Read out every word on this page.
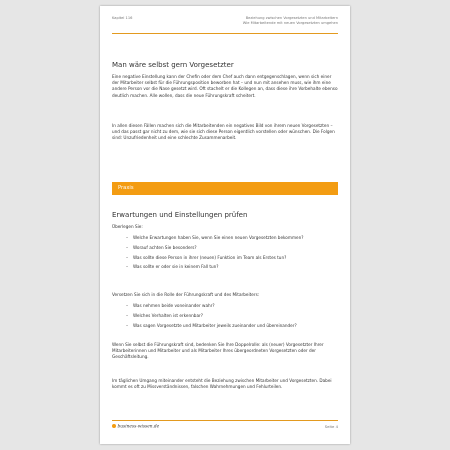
Kapitel 116	Beziehung zwischen Vorgesetzten und Mitarbeitern
Wie Mitarbeitende mit neuen Vorgesetzten umgehen
Man wäre selbst gern Vorgesetzter

Eine negative Einstellung kann der Chefin oder dem Chef auch dann entgegenschlagen, wenn sich einer der Mitarbeiter selbst für die Führungsposition beworben hat – und nun mit ansehen muss, wie ihm eine andere Person vor die Nase gesetzt wird. Oft stachelt er die Kollegen an, dass diese ihre Vorbehalte ebenso deutlich machen. Alle wollen, dass die neue Führungskraft scheitert.

In allen diesen Fällen machen sich die Mitarbeitenden ein negatives Bild von ihrem neuen Vorgesetzten – und das passt gar nicht zu dem, wie sie sich diese Person eigentlich vorstellen oder wünschen. Die Folgen sind: Unzufriedenheit und eine schlechte Zusammenarbeit.

Praxis
Erwartungen und Einstellungen prüfen

Überlegen Sie:

– Welche Erwartungen haben Sie, wenn Sie einen neuen Vorgesetzten bekommen?
– Worauf achten Sie besonders?
– Was sollte diese Person in ihrer (neuen) Funktion im Team als Erstes tun?
– Was sollte er oder sie in keinem Fall tun?

Versetzen Sie sich in die Rolle der Führungskraft und des Mitarbeiters:

– Was nehmen beide voneinander wahr?
– Welches Verhalten ist erkennbar?
– Was sagen Vorgesetzte und Mitarbeiter jeweils zueinander und übereinander?

Wenn Sie selbst die Führungskraft sind, bedenken Sie Ihre Doppelrolle: als (neuer) Vorgesetzter Ihrer Mitarbeiterinnen und Mitarbeiter und als Mitarbeiter Ihres übergeordneten Vorgesetzten oder der Geschäftsleitung.

Im täglichen Umgang miteinander entsteht die Beziehung zwischen Mitarbeiter und Vorgesetzten. Dabei kommt es oft zu Missverständnissen, falschen Wahrnehmungen und Fehlurteilen.

business-wissen.de	Seite 4
